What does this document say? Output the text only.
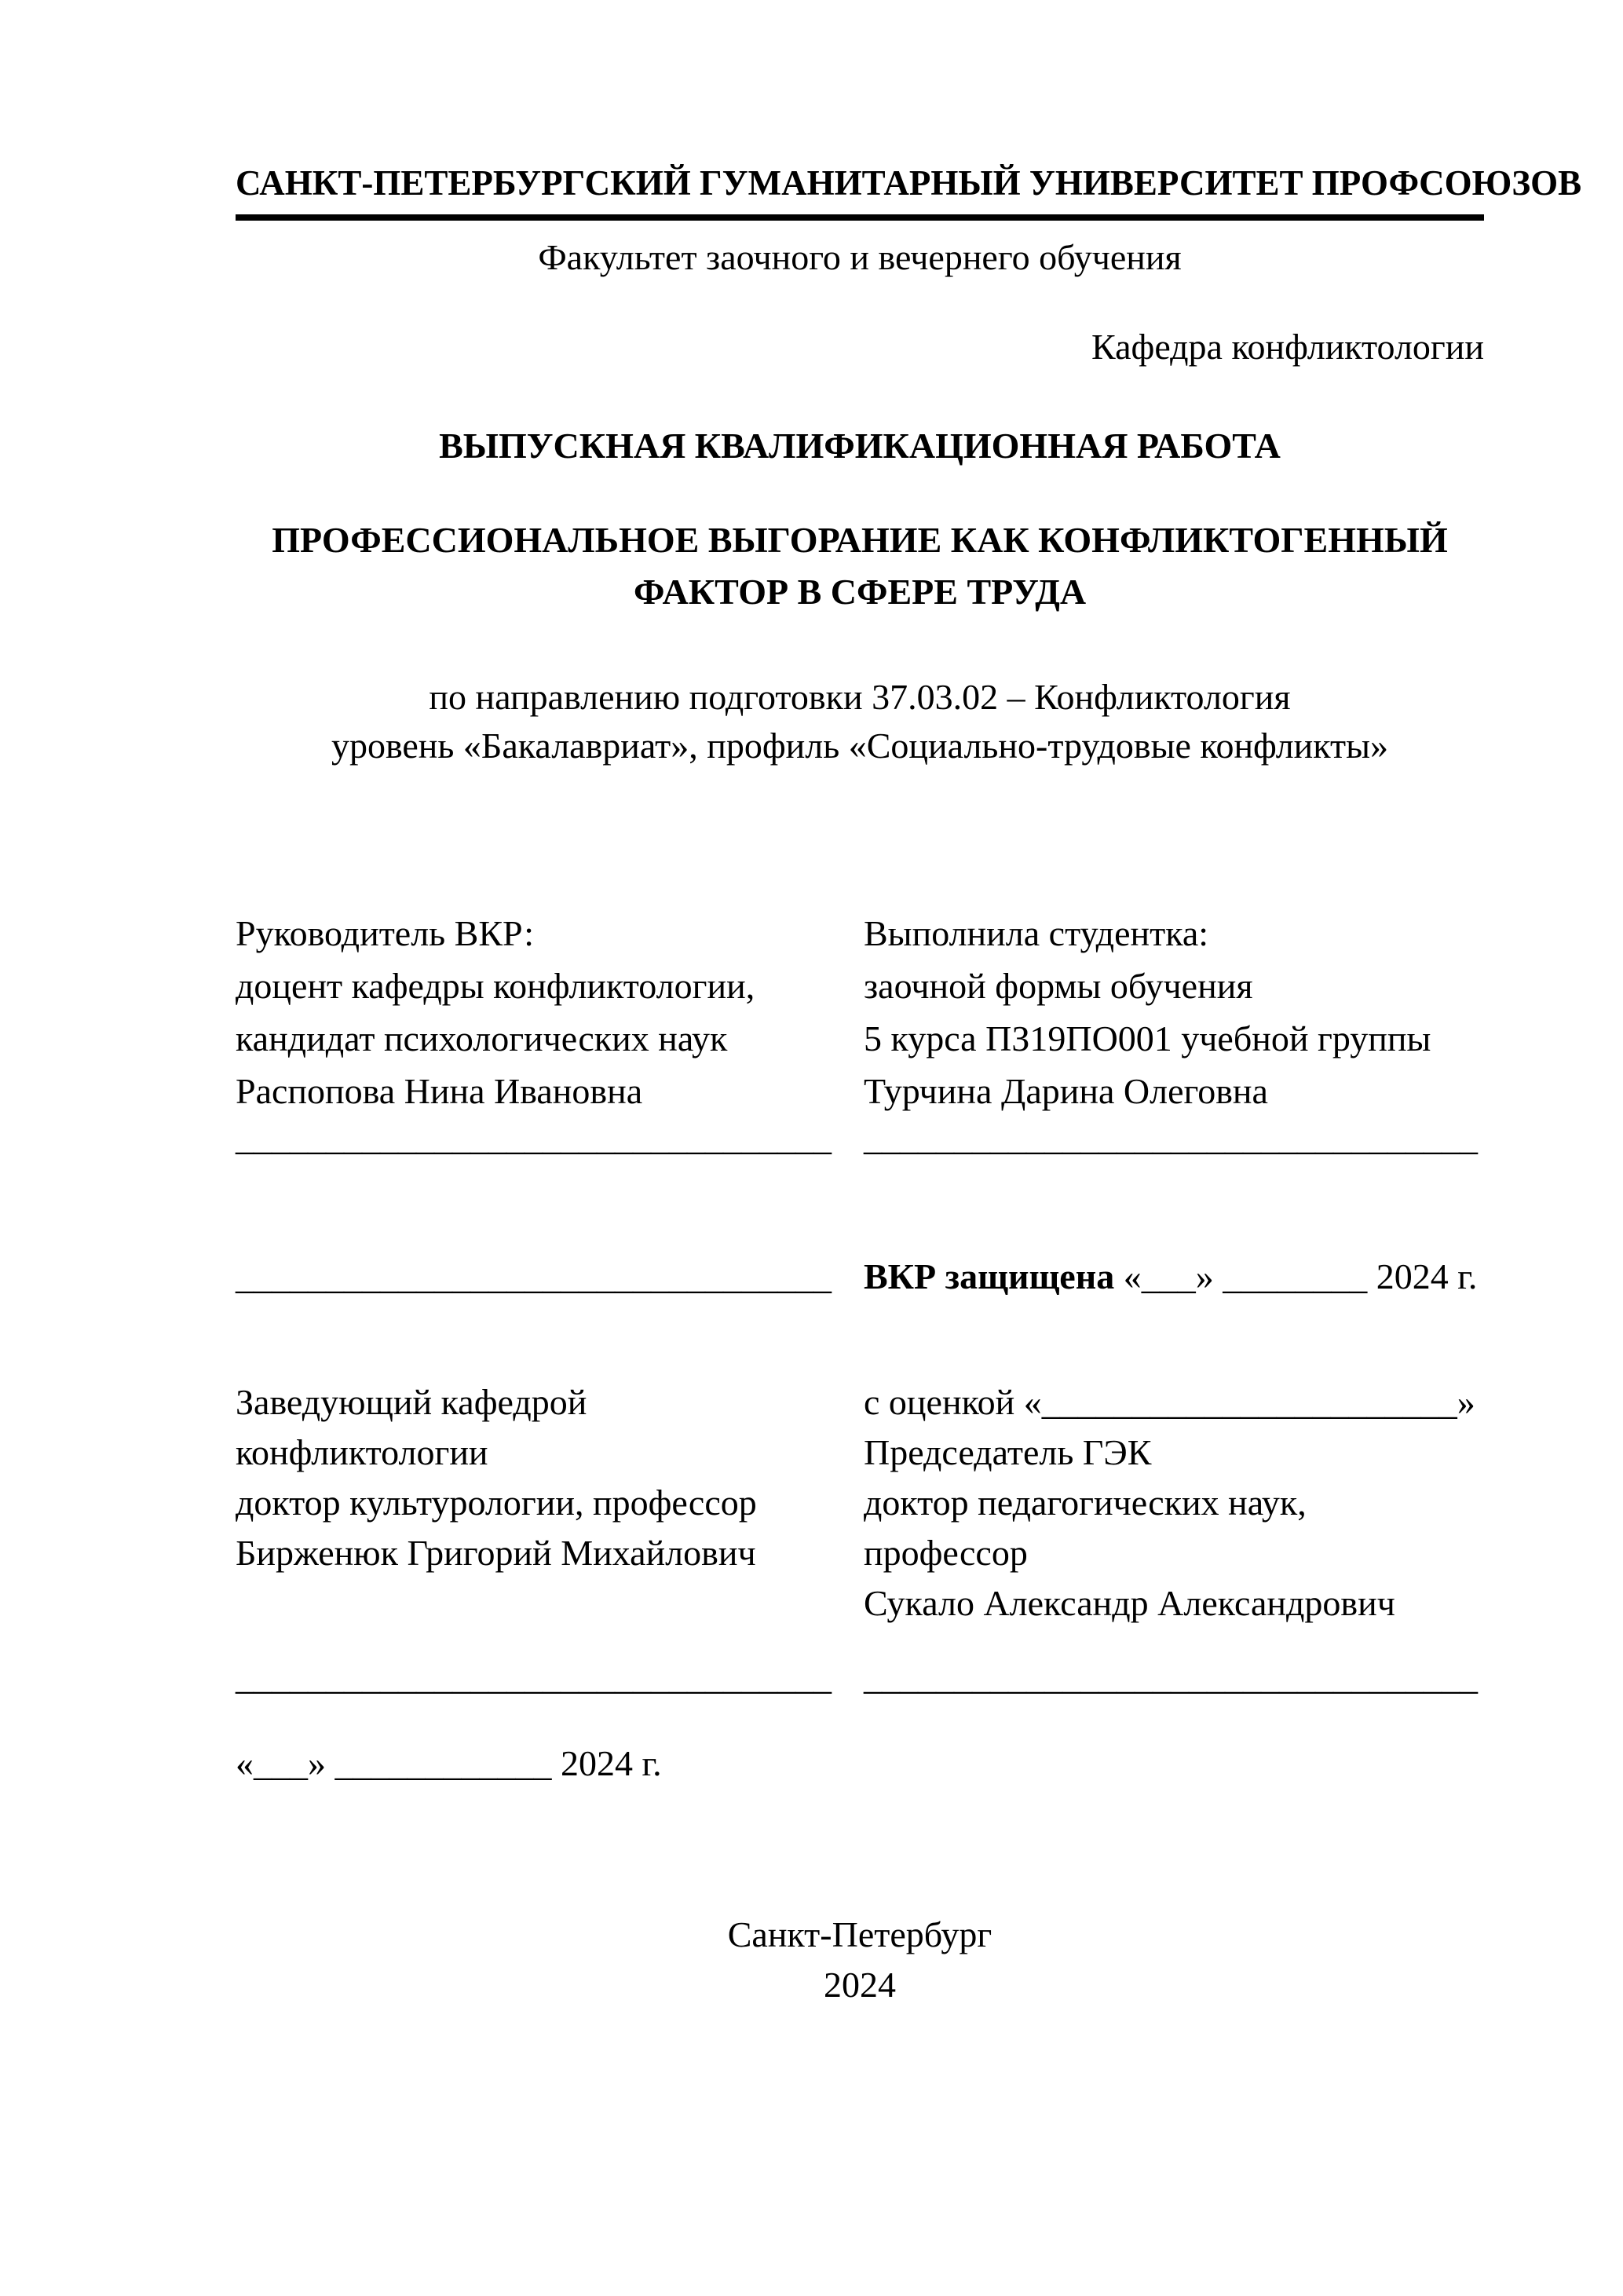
САНКТ-ПЕТЕРБУРГСКИЙ ГУМАНИТАРНЫЙ УНИВЕРСИТЕТ ПРОФСОЮЗОВ
Факультет заочного и вечернего обучения
Кафедра конфликтологии
ВЫПУСКНАЯ КВАЛИФИКАЦИОННАЯ РАБОТА
ПРОФЕССИОНАЛЬНОЕ ВЫГОРАНИЕ КАК КОНФЛИКТОГЕННЫЙ
ФАКТОР В СФЕРЕ ТРУДА
по направлению подготовки 37.03.02 – Конфликтология
уровень «Бакалавриат», профиль «Социально-трудовые конфликты»
Руководитель ВКР:
доцент кафедры конфликтологии,
кандидат психологических наук
Распопова Нина Ивановна
_________________________________
Выполнила студентка:
заочной формы обучения
5 курса ПЗ19ПО001 учебной группы
Турчина Дарина Олеговна
__________________________________
_________________________________ ВКР защищена «___» ________ 2024 г.
Заведующий кафедрой
конфликтологии
доктор культурологии, профессор
Бирженюк Григорий Михайлович
с оценкой «_______________________»
Председатель ГЭК
доктор педагогических наук,
профессор
Сукало Александр Александрович
_________________________________ __________________________________
«___» ____________ 2024 г.
Санкт-Петербург
2024
